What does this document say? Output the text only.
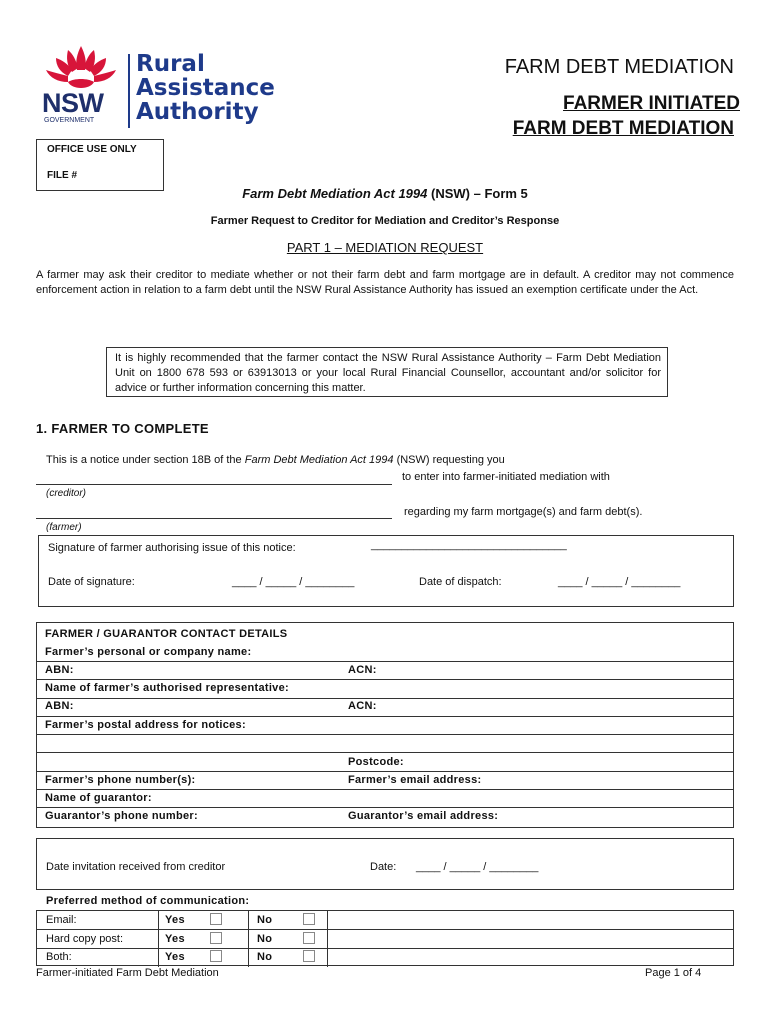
NSW
GOVERNMENT
Rural
Assistance
Authority
FARM DEBT MEDIATION
FARMER INITIATED
FARM DEBT MEDIATION
OFFICE USE ONLY
FILE #
Farm Debt Mediation Act 1994 (NSW) – Form 5
Farmer Request to Creditor for Mediation and Creditor’s Response
PART 1 – MEDIATION REQUEST
A farmer may ask their creditor to mediate whether or not their farm debt and farm mortgage are in default. A creditor may not commence enforcement action in relation to a farm debt until the NSW Rural Assistance Authority has issued an exemption certificate under the Act.
It is highly recommended that the farmer contact the NSW Rural Assistance Authority – Farm Debt Mediation Unit on 1800 678 593 or 63913013 or your local Rural Financial Counsellor, accountant and/or solicitor for advice or further information concerning this matter.
1. FARMER TO COMPLETE
This is a notice under section 18B of the Farm Debt Mediation Act 1994 (NSW) requesting you
to enter into farmer-initiated mediation with
(creditor)
regarding my farm mortgage(s) and farm debt(s).
(farmer)
Signature of farmer authorising issue of this notice:	________________________________
Date of signature:	____ / _____ / ________	Date of dispatch:	____ / _____ / ________
FARMER / GUARANTOR CONTACT DETAILS
Farmer’s personal or company name:
ABN:	ACN:
Name of farmer’s authorised representative:
ABN:	ACN:
Farmer’s postal address for notices:
Postcode:
Farmer’s phone number(s):	Farmer’s email address:
Name of guarantor:
Guarantor’s phone number:	Guarantor’s email address:
Date invitation received from creditor	Date: ____ / _____ / ________
Preferred method of communication:
Email:	Yes	No
Hard copy post:	Yes	No
Both:	Yes	No
Farmer-initiated Farm Debt Mediation	Page 1 of 4
